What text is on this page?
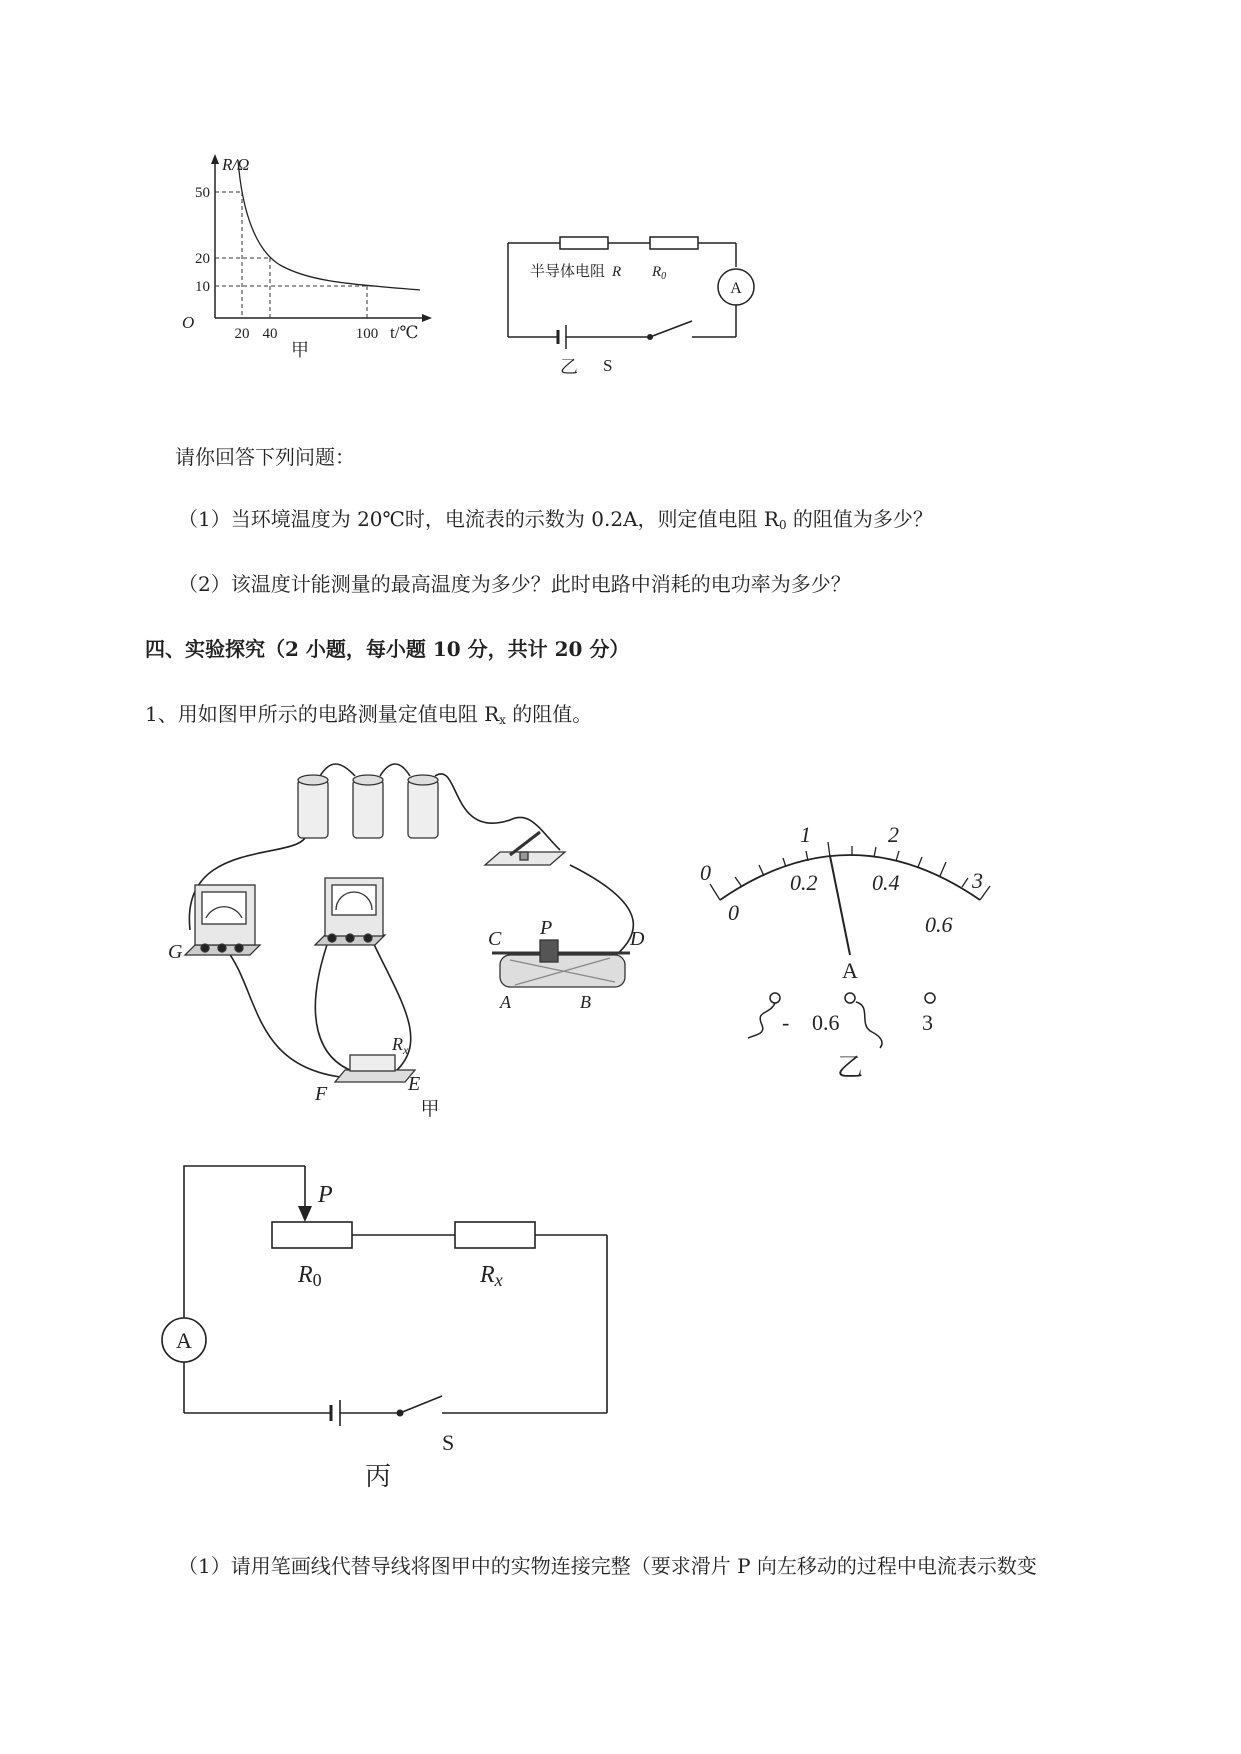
R/Ω
O
50
20
10
20 40	100 t/℃
甲
A
半导体电阻 R $R_0$
乙 S
请你回答下列问题：
（1）当环境温度为 20℃时，电流表的示数为 0.2A，则定值电阻 $R_0$ 的阻值为多少？
（2）该温度计能测量的最高温度为多少？此时电路中消耗的电功率为多少？
四、实验探究（2 小题，每小题 10 分，共计 20 分）
1、用如图甲所示的电路测量定值电阻 $R_x$ 的阻值。
G
F	E
C P	D
A	B
$R_x$
甲
0
1	2
3
0
0.2 0.4
0.6
A
- 0.6	3
乙
P
R0	Rx
A
S
丙
（1）请用笔画线代替导线将图甲中的实物连接完整（要求滑片 P 向左移动的过程中电流表示数变
